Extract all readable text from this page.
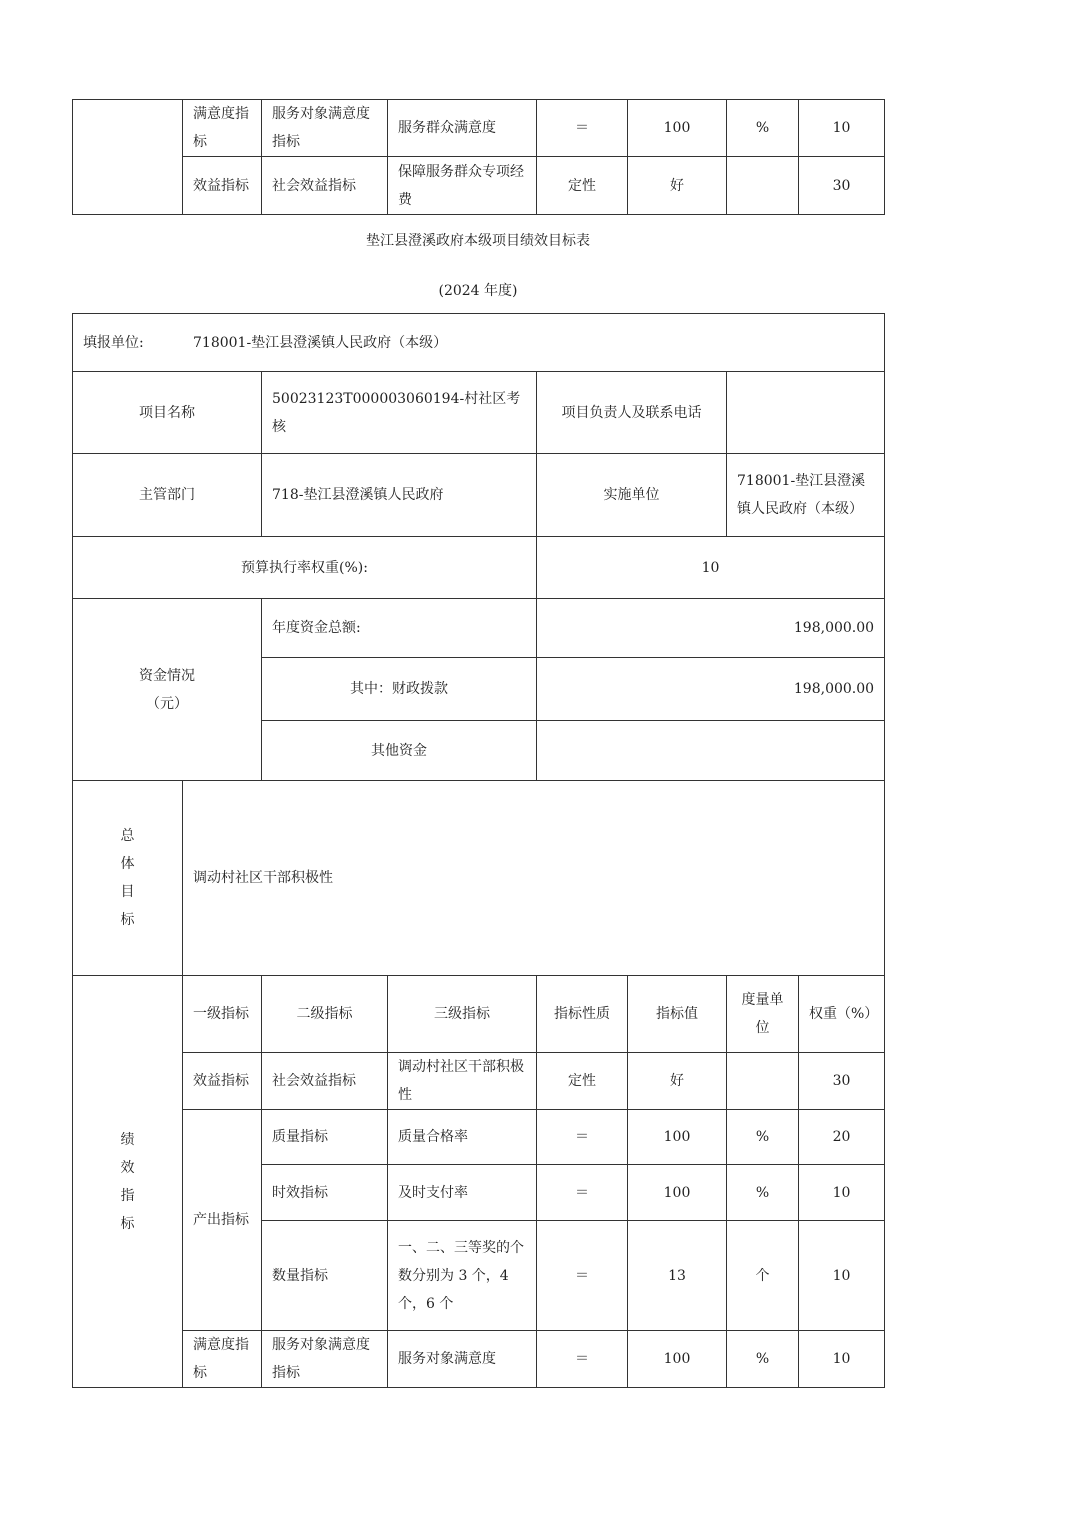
	满意度指标	服务对象满意度指标	服务群众满意度	＝	100	%	10
	效益指标	社会效益指标	保障服务群众专项经费	定性	好		30
垫江县澄溪政府本级项目绩效目标表
(2024 年度)
填报单位: 718001-垫江县澄溪镇人民政府（本级）							
项目名称		50023123T000003060194-村社区考核		项目负责人及联系电话			
主管部门		718-垫江县澄溪镇人民政府		实施单位		718001-垫江县澄溪镇人民政府（本级）	
预算执行率权重(%):				10			

资金情况
（元）		年度资金总额:		198,000.00			
		其中：财政拨款		198,000.00			
		其他资金					

总
体
目
标	调动村社区干部积极性						

绩
效
指
标	一级指标	二级指标	三级指标	指标性质	指标值	度量单位	权重（%）
	效益指标	社会效益指标	调动村社区干部积极性	定性	好		30
	产出指标	质量指标	质量合格率	＝	100	%	20
		时效指标	及时支付率	＝	100	%	10
		数量指标	一、二、三等奖的个数分别为 3 个，4 个，6 个	＝	13	个	10
	满意度指标	服务对象满意度指标	服务对象满意度	＝	100	%	10
